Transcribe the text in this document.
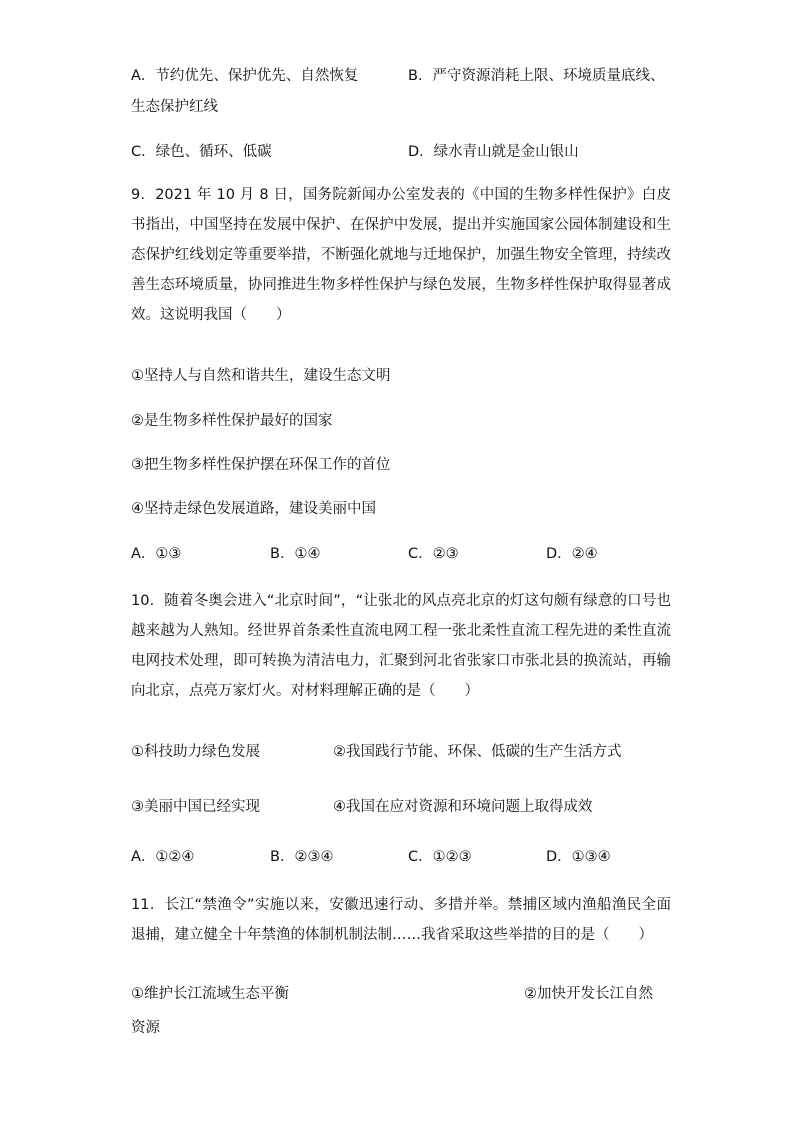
A．节约优先、保护优先、自然恢复	B．严守资源消耗上限、环境质量底线、
生态保护红线
C．绿色、循环、低碳	D．绿水青山就是金山银山
9．2021 年 10 月 8 日，国务院新闻办公室发表的《中国的生物多样性保护》白皮书指出，中国坚持在发展中保护、在保护中发展，提出并实施国家公园体制建设和生态保护红线划定等重要举措，不断强化就地与迁地保护，加强生物安全管理，持续改善生态环境质量，协同推进生物多样性保护与绿色发展，生物多样性保护取得显著成效。这说明我国（　　）
①坚持人与自然和谐共生，建设生态文明
②是生物多样性保护最好的国家
③把生物多样性保护摆在环保工作的首位
④坚持走绿色发展道路，建设美丽中国
A．①③	B．①④	C．②③	D．②④
10．随着冬奥会进入“北京时间”，“让张北的风点亮北京的灯这句颇有绿意的口号也越来越为人熟知。经世界首条柔性直流电网工程一张北柔性直流工程先进的柔性直流电网技术处理，即可转换为清洁电力，汇聚到河北省张家口市张北县的换流站，再输向北京，点亮万家灯火。对材料理解正确的是（　　）
①科技助力绿色发展	②我国践行节能、环保、低碳的生产生活方式
③美丽中国已经实现	④我国在应对资源和环境问题上取得成效
A．①②④	B．②③④	C．①②③	D．①③④
11．长江“禁渔令”实施以来，安徽迅速行动、多措并举。禁捕区域内渔船渔民全面退捕，建立健全十年禁渔的体制机制法制……我省采取这些举措的目的是（　　）
①维护长江流域生态平衡	②加快开发长江自然
资源
